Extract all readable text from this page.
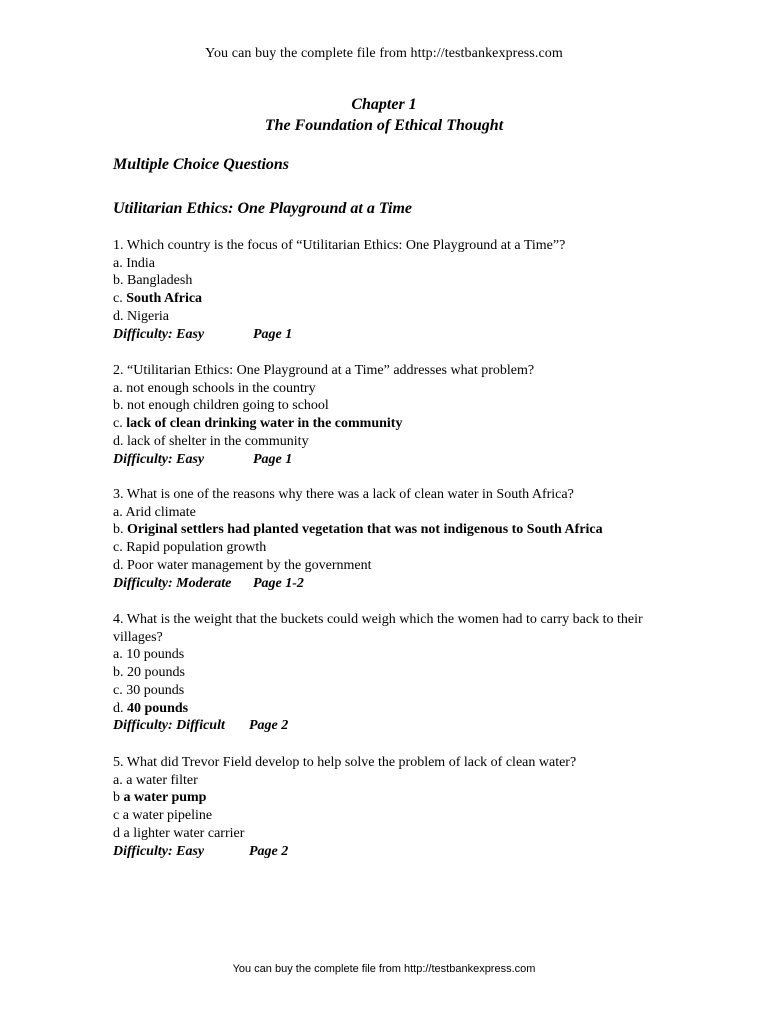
You can buy the complete file from http://testbankexpress.com
Chapter 1
The Foundation of Ethical Thought
Multiple Choice Questions
Utilitarian Ethics: One Playground at a Time
1. Which country is the focus of “Utilitarian Ethics: One Playground at a Time”?
a. India
b. Bangladesh
c. South Africa
d. Nigeria
Difficulty: Easy	Page 1
2. “Utilitarian Ethics: One Playground at a Time” addresses what problem?
a. not enough schools in the country
b. not enough children going to school
c. lack of clean drinking water in the community
d. lack of shelter in the community
Difficulty: Easy	Page 1
3. What is one of the reasons why there was a lack of clean water in South Africa?
a. Arid climate
b. Original settlers had planted vegetation that was not indigenous to South Africa
c. Rapid population growth
d. Poor water management by the government
Difficulty: Moderate Page 1-2
4. What is the weight that the buckets could weigh which the women had to carry back to their villages?
a. 10 pounds
b. 20 pounds
c. 30 pounds
d. 40 pounds
Difficulty: Difficult Page 2
5. What did Trevor Field develop to help solve the problem of lack of clean water?
a. a water filter
b a water pump
c a water pipeline
d a lighter water carrier
Difficulty: Easy	Page 2
You can buy the complete file from http://testbankexpress.com
